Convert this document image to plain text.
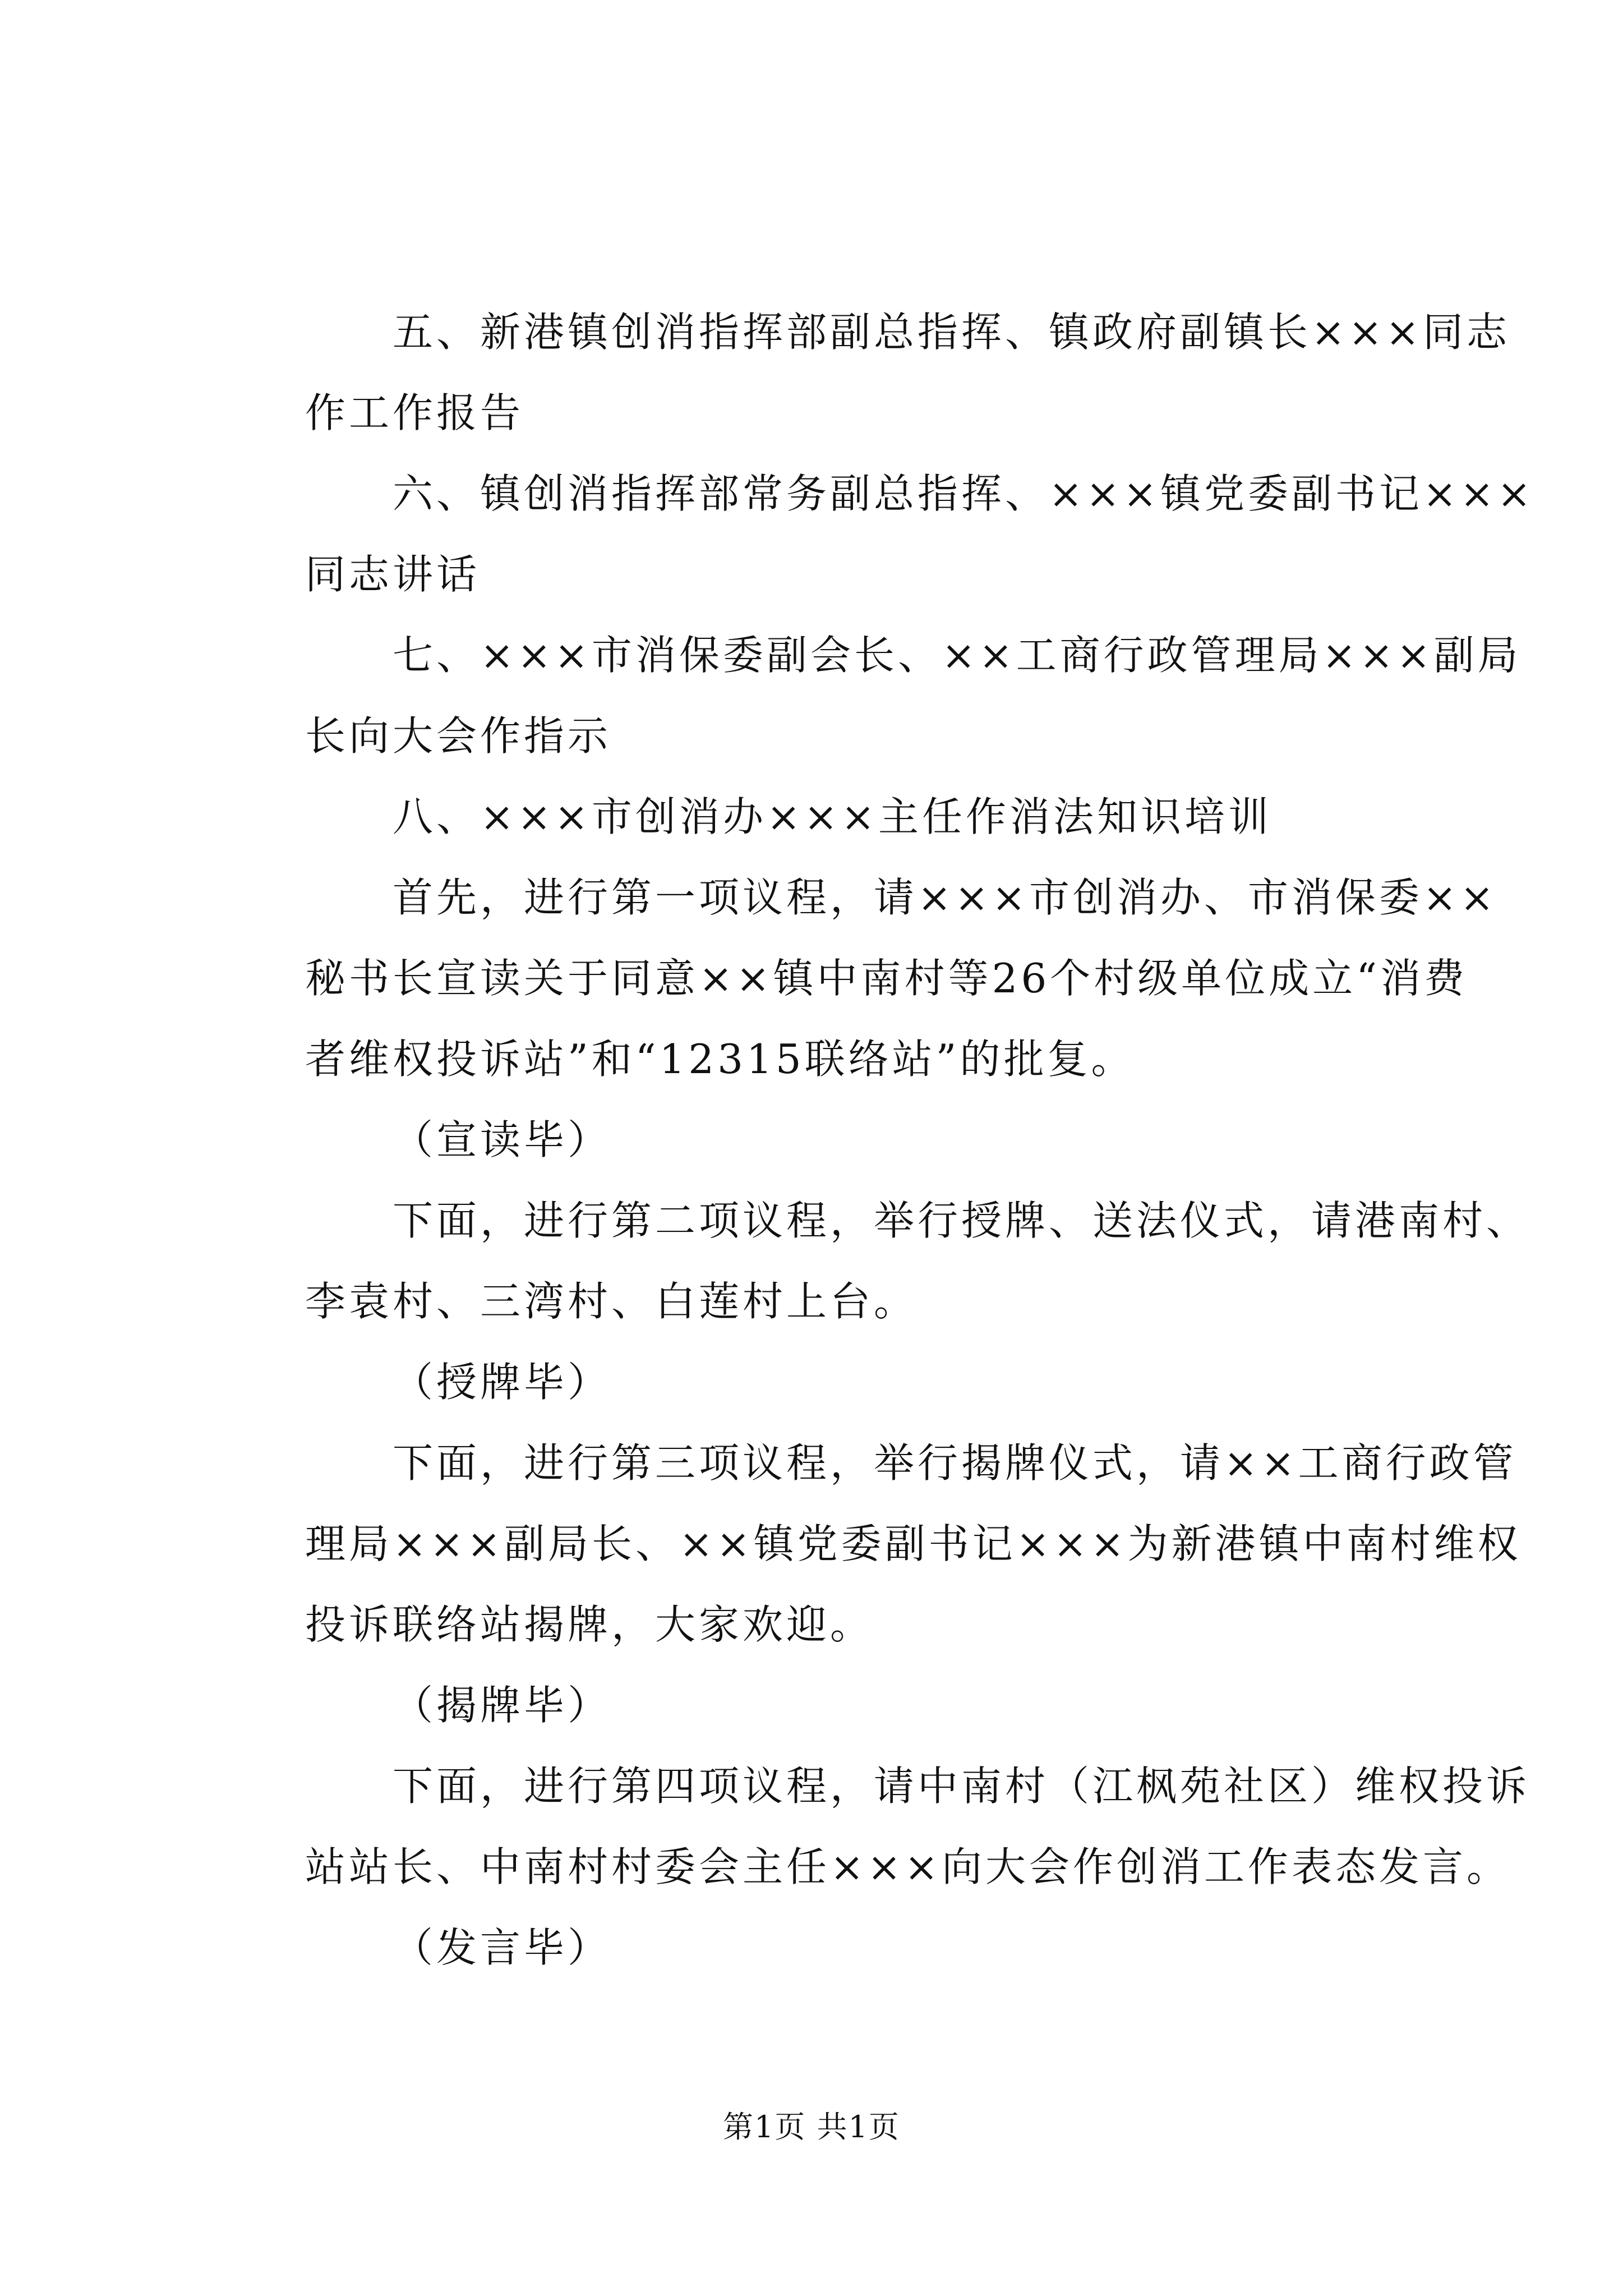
五、新港镇创消指挥部副总指挥、镇政府副镇长×××同志
作工作报告
六、镇创消指挥部常务副总指挥、×××镇党委副书记×××
同志讲话
七、×××市消保委副会长、××工商行政管理局×××副局
长向大会作指示
八、×××市创消办×××主任作消法知识培训
首先，进行第一项议程，请×××市创消办、市消保委××
秘书长宣读关于同意××镇中南村等26个村级单位成立“消费
者维权投诉站”和“12315联络站”的批复。
（宣读毕）
下面，进行第二项议程，举行授牌、送法仪式，请港南村、
李袁村、三湾村、白莲村上台。
（授牌毕）
下面，进行第三项议程，举行揭牌仪式，请××工商行政管
理局×××副局长、××镇党委副书记×××为新港镇中南村维权
投诉联络站揭牌，大家欢迎。
（揭牌毕）
下面，进行第四项议程，请中南村（江枫苑社区）维权投诉
站站长、中南村村委会主任×××向大会作创消工作表态发言。
（发言毕）
第1页 共1页
